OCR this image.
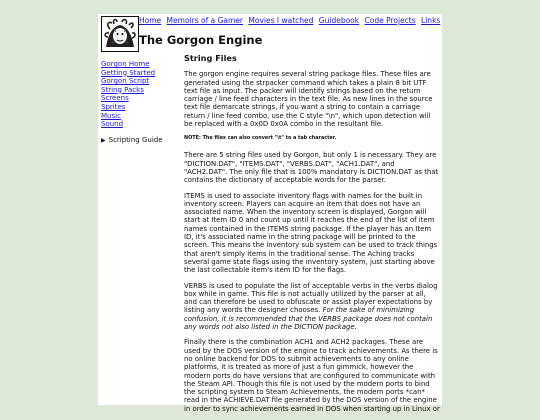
Home Memoirs of a Gamer Movies I watched Guidebook Code Projects Links
The Gorgon Engine
Gorgon Home
Getting Started
Gorgon Script
String Packs
Screens
Sprites
Music
Sound
▶ Scripting Guide
String Files

The gorgon engine requires several string package files. These files are generated using the strpacker command which takes a plain 8 bit UTF text file as input. The packer will identify strings based on the return carriage / line feed characters in the text file. As new lines in the source text file demarcate strings, if you want a string to contain a carriage return / line feed combo, use the C style "\n", which upon detection will be replaced with a 0x0D 0x0A combo in the resultant file.

NOTE: The files can also convert "\t" to a tab character.

There are 5 string files used by Gorgon, but only 1 is necessary. They are "DICTION.DAT", "ITEMS.DAT", "VERBS.DAT", "ACH1.DAT", and "ACH2.DAT". The only file that is 100% mandatory is DICTION.DAT as that contains the dictionary of acceptable words for the parser.

ITEMS is used to associate inventory flags with names for the built in inventory screen. Players can acquire an item that does not have an associated name. When the inventory screen is displayed, Gorgon will start at Item ID 0 and count up until it reaches the end of the list of item names contained in the ITEMS string package. If the player has an Item ID, it's associated name in the string package will be printed to the screen. This means the inventory sub system can be used to track things that aren't simply items in the traditional sense. The Aching tracks several game state flags using the inventory system, just starting above the last collectable item's item ID for the flags.

VERBS is used to populate the list of acceptable verbs in the verbs dialog box while in game. This file is not actually utilized by the parser at all, and can therefore be used to obfuscate or assist player expectations by listing any words the designer chooses. For the sake of minimizing confusion, it is recommended that the VERBS package does not contain any words not also listed in the DICTION package.

Finally there is the combination ACH1 and ACH2 packages. These are used by the DOS version of the engine to track achievements. As there is no online backend for DOS to submit achievements to any online platforms, it is treated as more of just a fun gimmick, however the modern ports do have versions that are configured to communicate with the Steam API. Though this file is not used by the modern ports to bind the scripting system to Steam Achievements, the modern ports *can* read in the ACHIEVE.DAT file generated by the DOS version of the engine in order to sync achievements earned in DOS when starting up in Linux or
